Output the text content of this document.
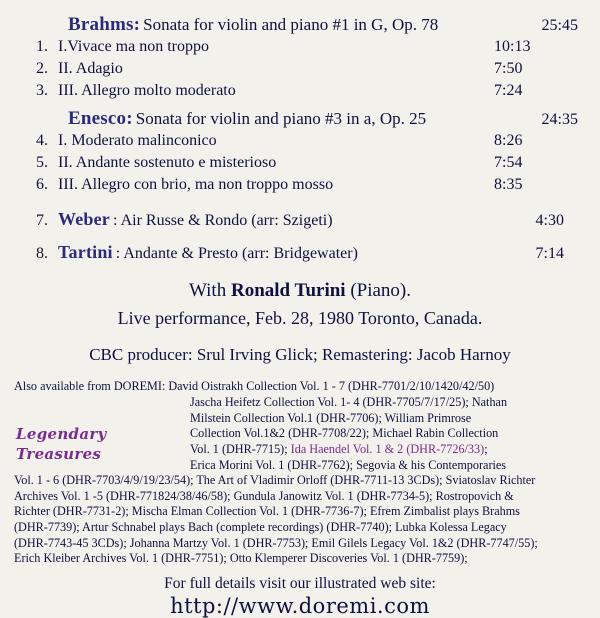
Brahms: Sonata for violin and piano #1 in G, Op. 78	25:45
1. I.Vivace ma non troppo	10:13
2. II. Adagio	7:50
3. III. Allegro molto moderato	7:24
Enesco: Sonata for violin and piano #3 in a, Op. 25	24:35
4. I. Moderato malinconico	8:26
5. II. Andante sostenuto e misterioso	7:54
6. III. Allegro con brio, ma non troppo mosso	8:35
7. Weber : Air Russe & Rondo (arr: Szigeti)	4:30
8. Tartini : Andante & Presto (arr: Bridgewater)	7:14
With Ronald Turini (Piano).
Live performance, Feb. 28, 1980 Toronto, Canada.
CBC producer: Srul Irving Glick; Remastering: Jacob Harnoy
Legendary Treasures
Also available from DOREMI: David Oistrakh Collection Vol. 1 - 7 (DHR-7701/2/10/1420/42/50)
Jascha Heifetz Collection Vol. 1- 4 (DHR-7705/7/17/25); Nathan
Milstein Collection Vol.1 (DHR-7706); William Primrose
Collection Vol.1&2 (DHR-7708/22); Michael Rabin Collection
Vol. 1 (DHR-7715); Ida Haendel Vol. 1 & 2 (DHR-7726/33);
Erica Morini Vol. 1 (DHR-7762); Segovia & his Contemporaries
Vol. 1 - 6 (DHR-7703/4/9/19/23/54); The Art of Vladimir Orloff (DHR-7711-13 3CDs); Sviatoslav Richter
Archives Vol. 1 -5 (DHR-771824/38/46/58); Gundula Janowitz Vol. 1 (DHR-7734-5); Rostropovich &
Richter (DHR-7731-2); Mischa Elman Collection Vol. 1 (DHR-7736-7); Efrem Zimbalist plays Brahms
(DHR-7739); Artur Schnabel plays Bach (complete recordings) (DHR-7740); Lubka Kolessa Legacy
(DHR-7743-45 3CDs); Johanna Martzy Vol. 1 (DHR-7753); Emil Gilels Legacy Vol. 1&2 (DHR-7747/55);
Erich Kleiber Archives Vol. 1 (DHR-7751); Otto Klemperer Discoveries Vol. 1 (DHR-7759);
For full details visit our illustrated web site:
http://www.doremi.com
